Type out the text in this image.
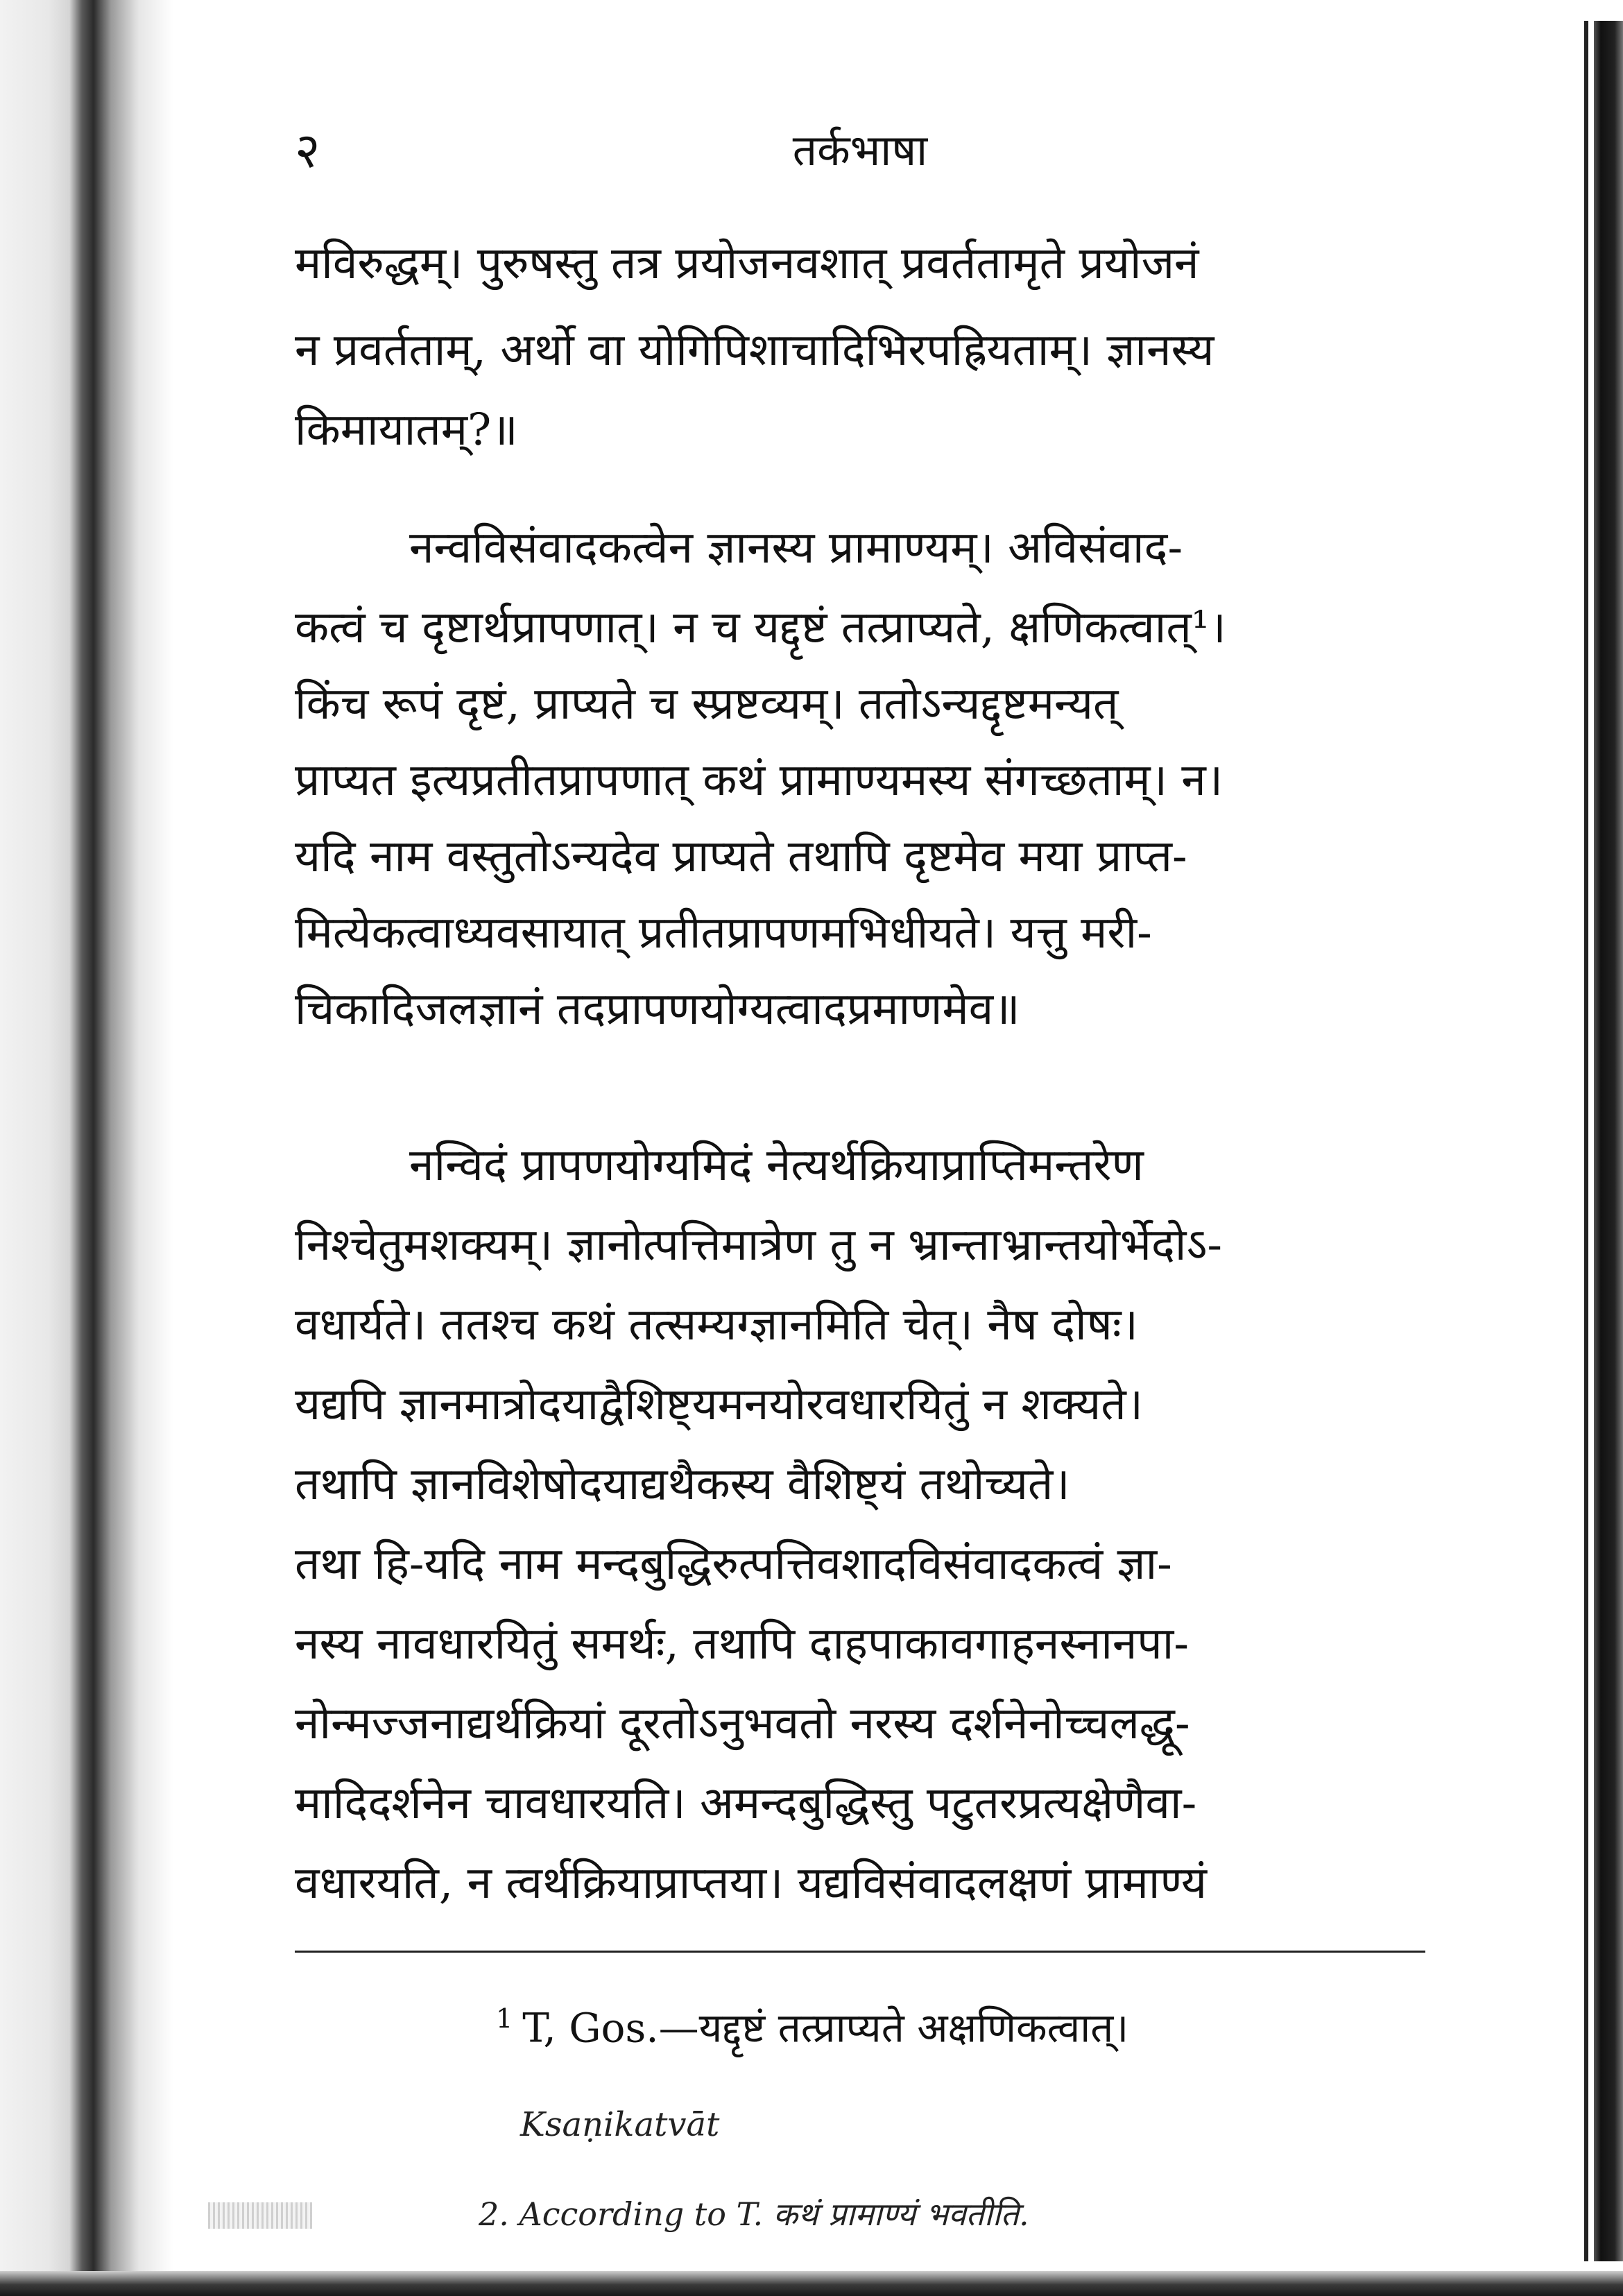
२	तर्कभाषा
मविरुद्धम्। पुरुषस्तु तत्र प्रयोजनवशात् प्रवर्ततामृते प्रयोजनं
न प्रवर्तताम्, अर्थो वा योगिपिशाचादिभिरपह्रियताम्। ज्ञानस्य
किमायातम्?॥
नन्वविसंवादकत्वेन ज्ञानस्य प्रामाण्यम्। अविसंवाद-
कत्वं च दृष्टार्थप्रापणात्। न च यद्दृष्टं तत्प्राप्यते, क्षणिकत्वात्¹।
किंच रूपं दृष्टं, प्राप्यते च स्प्रष्टव्यम्। ततोऽन्यद्दृष्टमन्यत्
प्राप्यत इत्यप्रतीतप्रापणात् कथं प्रामाण्यमस्य संगच्छताम्। न।
यदि नाम वस्तुतोऽन्यदेव प्राप्यते तथापि दृष्टमेव मया प्राप्त-
मित्येकत्वाध्यवसायात् प्रतीतप्रापणमभिधीयते। यत्तु मरी-
चिकादिजलज्ञानं तदप्रापणयोग्यत्वादप्रमाणमेव॥
नन्विदं प्रापणयोग्यमिदं नेत्यर्थक्रियाप्राप्तिमन्तरेण
निश्चेतुमशक्यम्। ज्ञानोत्पत्तिमात्रेण तु न भ्रान्ताभ्रान्तयोर्भेदोऽ-
वधार्यते। ततश्च कथं तत्सम्यग्ज्ञानमिति चेत्। नैष दोषः।
यद्यपि ज्ञानमात्रोदयाद्वैशिष्ट्यमनयोरवधारयितुं न शक्यते।
तथापि ज्ञानविशेषोदयाद्यथैकस्य वैशिष्ट्यं तथोच्यते।
तथा हि-यदि नाम मन्दबुद्धिरुत्पत्तिवशादविसंवादकत्वं ज्ञा-
नस्य नावधारयितुं समर्थः, तथापि दाहपाकावगाहनस्नानपा-
नोन्मज्जनाद्यर्थक्रियां दूरतोऽनुभवतो नरस्य दर्शनेनोच्चलद्धू-
मादिदर्शनेन चावधारयति। अमन्दबुद्धिस्तु पटुतरप्रत्यक्षेणैवा-
वधारयति, न त्वर्थक्रियाप्राप्तया। यद्यविसंवादलक्षणं प्रामाण्यं
$^1$ T, Gos.—यद्दृष्टं तत्प्राप्यते अक्षणिकत्वात्।
Ksaṇikatvāt
2. According to T. कथं प्रामाण्यं भवतीति.
